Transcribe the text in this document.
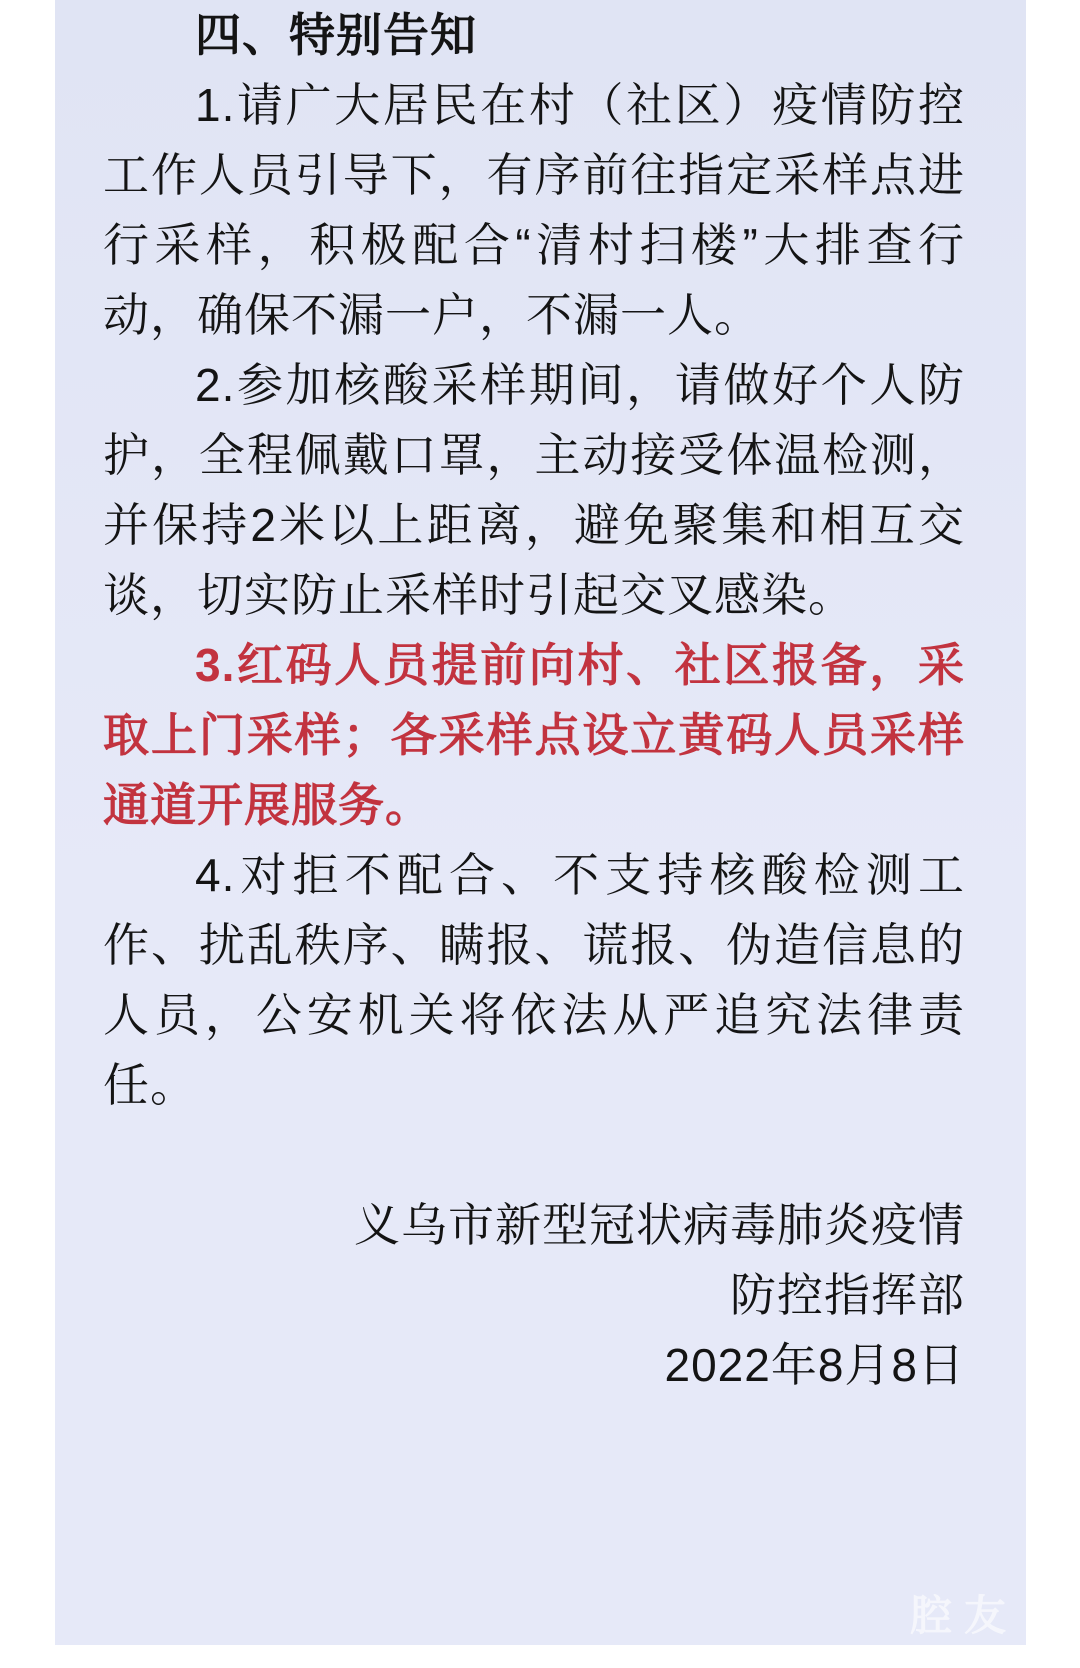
四、特别告知

1.请广大居民在村（社区）疫情防控工作人员引导下，有序前往指定采样点进行采样，积极配合“清村扫楼”大排查行动，确保不漏一户，不漏一人。

2.参加核酸采样期间，请做好个人防护，全程佩戴口罩，主动接受体温检测，并保持2米以上距离，避免聚集和相互交谈，切实防止采样时引起交叉感染。

3.红码人员提前向村、社区报备，采取上门采样；各采样点设立黄码人员采样通道开展服务。

4.对拒不配合、不支持核酸检测工作、扰乱秩序、瞒报、谎报、伪造信息的人员，公安机关将依法从严追究法律责任。

义乌市新型冠状病毒肺炎疫情
防控指挥部
2022年8月8日
腔友
